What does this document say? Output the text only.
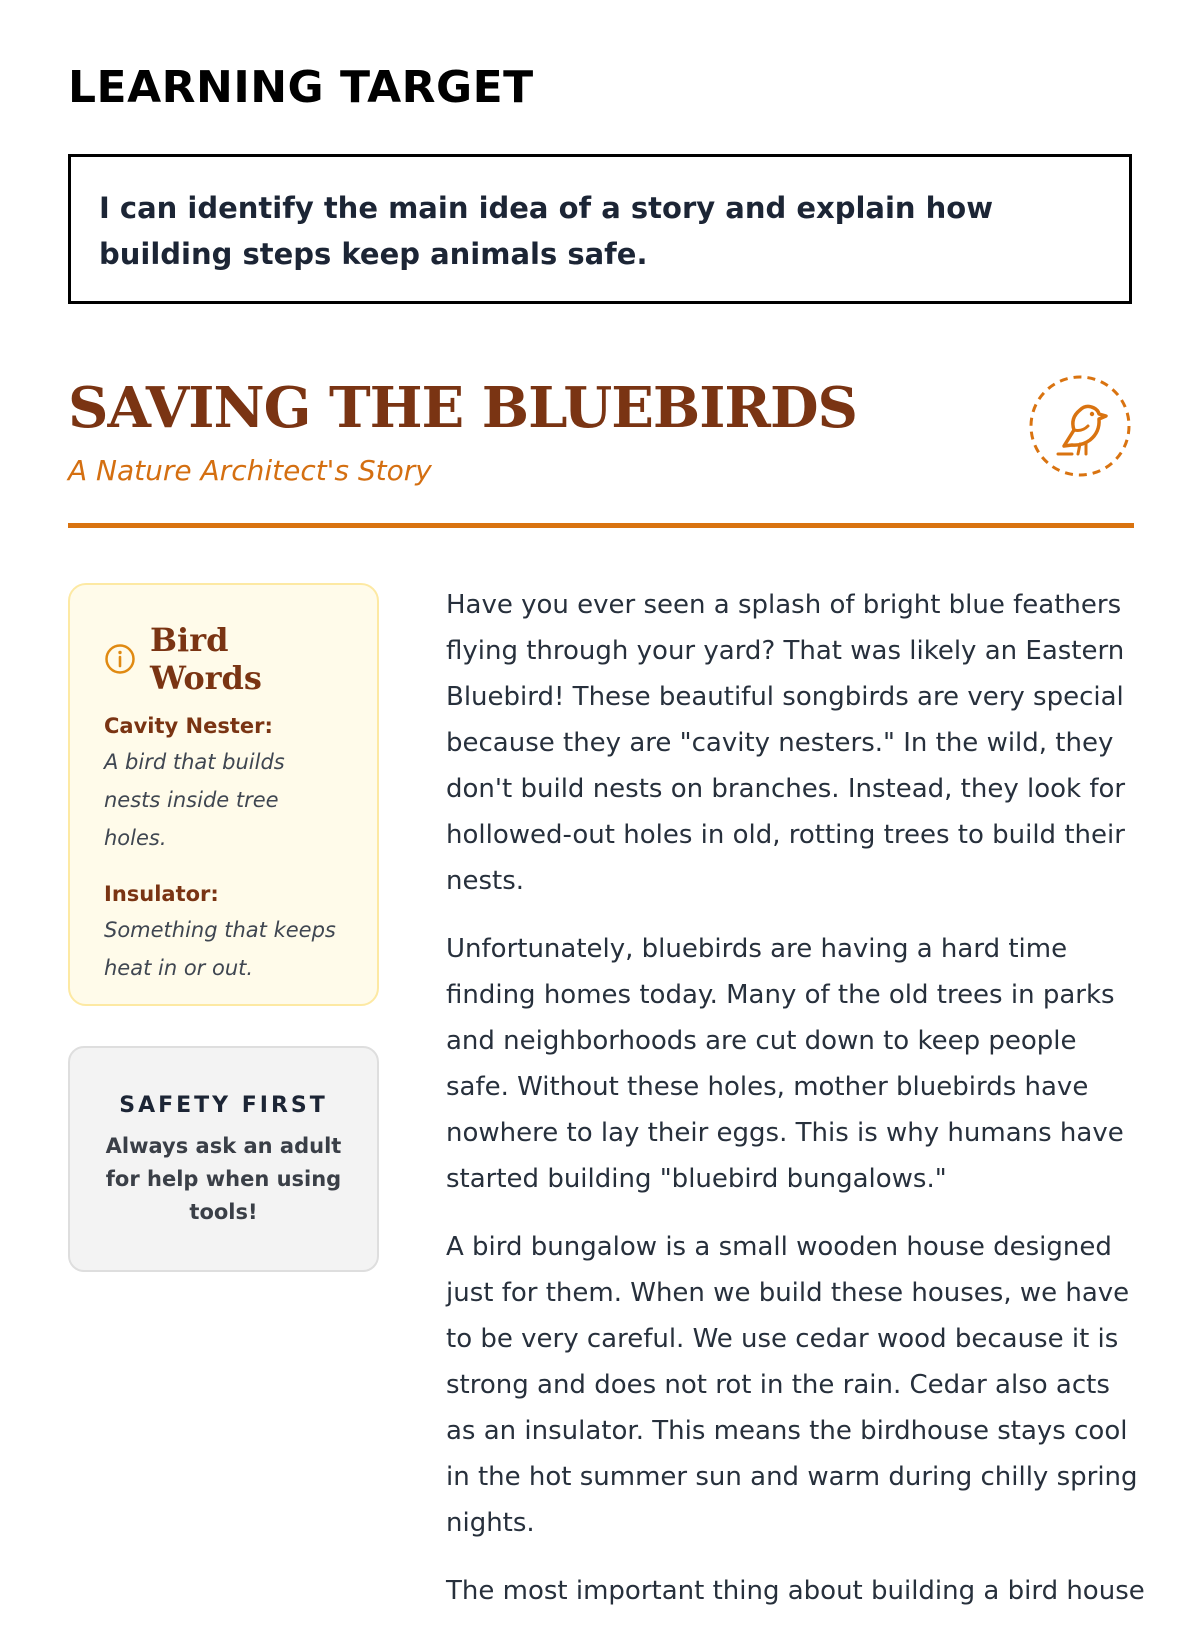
LEARNING TARGET

I can identify the main idea of a story and explain how building steps keep animals safe.

SAVING THE BLUEBIRDS

A Nature Architect's Story

Bird Words

Cavity Nester:

A bird that builds nests inside tree holes.

Insulator:

Something that keeps heat in or out.

SAFETY FIRST

Always ask an adult for help when using tools!

Have you ever seen a splash of bright blue feathers flying through your yard? That was likely an Eastern Bluebird! These beautiful songbirds are very special because they are "cavity nesters." In the wild, they don't build nests on branches. Instead, they look for hollowed-out holes in old, rotting trees to build their nests.

Unfortunately, bluebirds are having a hard time finding homes today. Many of the old trees in parks and neighborhoods are cut down to keep people safe. Without these holes, mother bluebirds have nowhere to lay their eggs. This is why humans have started building "bluebird bungalows."

A bird bungalow is a small wooden house designed just for them. When we build these houses, we have to be very careful. We use cedar wood because it is strong and does not rot in the rain. Cedar also acts as an insulator. This means the birdhouse stays cool in the hot summer sun and warm during chilly spring nights.

The most important thing about building a bird house
